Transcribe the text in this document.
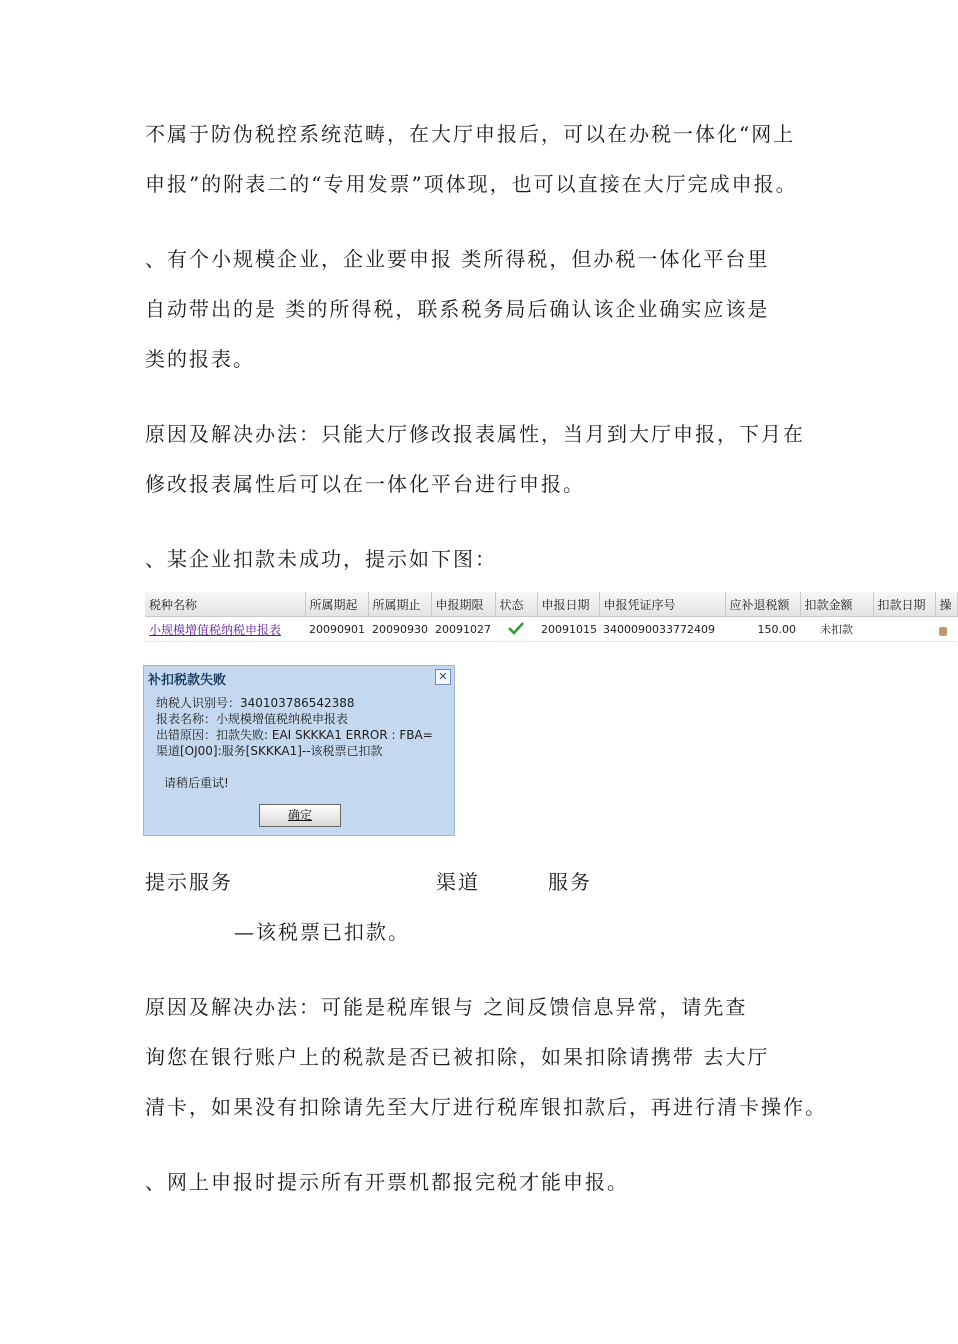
不属于防伪税控系统范畴，在大厅申报后，可以在办税一体化“网上
申报”的附表二的“专用发票”项体现，也可以直接在大厅完成申报。
、有个小规模企业，企业要申报 类所得税，但办税一体化平台里
自动带出的是 类的所得税，联系税务局后确认该企业确实应该是
类的报表。
原因及解决办法：只能大厅修改报表属性，当月到大厅申报，下月在
修改报表属性后可以在一体化平台进行申报。
、某企业扣款未成功，提示如下图：
税种名称	所属期起	所属期止	申报期限	状态	申报日期	申报凭证序号	应补退税额	扣款金额	扣款日期	操
小规模增值税纳税申报表	20090901	20090930	20091027		20091015	3400090033772409	150.00	未扣款		
补扣税款失败	✕
纳税人识别号：340103786542388
报表名称：小规模增值税纳税申报表
出错原因：扣款失败: EAI SKKKA1 ERROR : FBA=
渠道[OJ00]:服务[SKKKA1]--该税票已扣款
请稍后重试!
确定
提示服务	渠道	服务
—该税票已扣款。
原因及解决办法：可能是税库银与 之间反馈信息异常，请先查
询您在银行账户上的税款是否已被扣除，如果扣除请携带 去大厅
清卡，如果没有扣除请先至大厅进行税库银扣款后，再进行清卡操作。
、网上申报时提示所有开票机都报完税才能申报。
